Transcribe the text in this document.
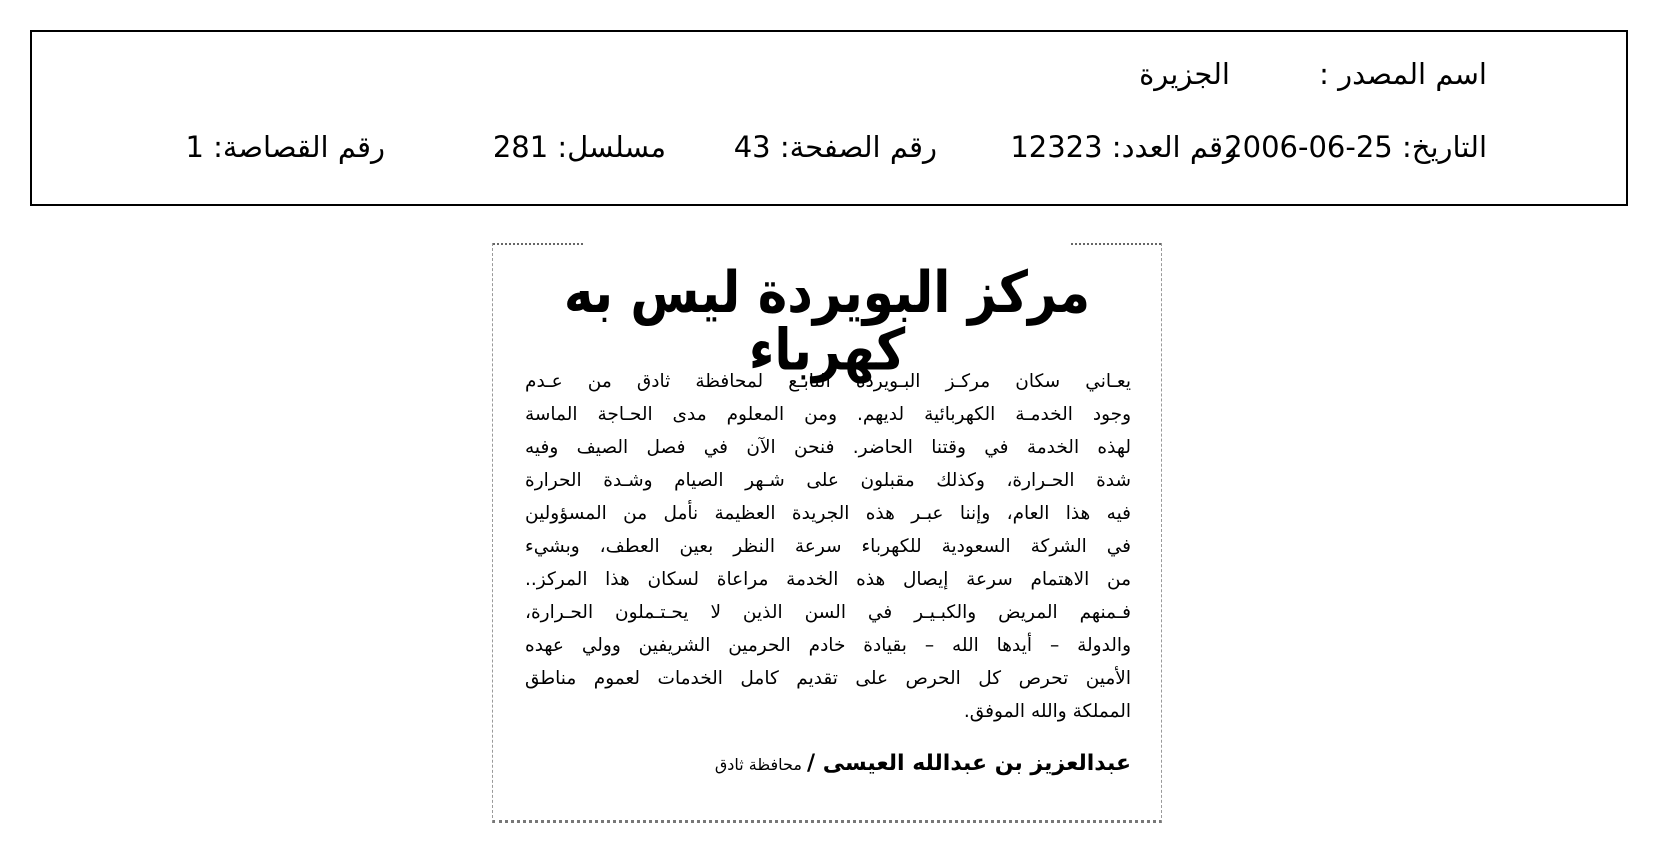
اسم المصدر :
الجزيرة
التاريخ: 25-06-2006
رقم العدد: 12323
رقم الصفحة: 43
مسلسل: 281
رقم القصاصة: 1
مركز البويردة ليس به كهرباء
يعـاني سكان مركـز البـويردة التابـع لمحافظة ثادق من عـدم
وجود الخدمـة الكهربائية لديهم. ومن المعلوم مدى الحـاجة الماسة
لهذه الخدمة في وقتنا الحاضر. فنحن الآن في فصل الصيف وفيه
شدة الحـرارة، وكذلك مقبلون على شـهر الصيام وشـدة الحرارة
فيه هذا العام، وإننا عبـر هذه الجريدة العظيمة نأمل من المسؤولين
في الشركة السعودية للكهرباء سرعة النظر بعين العطف، وبشيء
من الاهتمام سرعة إيصال هذه الخدمة مراعاة لسكان هذا المركز..
فـمنهم المريض والكبـيـر في السن الذين لا يحـتـملون الحـرارة،
والدولة – أيدها الله – بقيادة خادم الحرمين الشريفين وولي عهده
الأمين تحرص كل الحرص على تقديم كامل الخدمات لعموم مناطق
المملكة والله الموفق.
عبدالعزيز بن عبدالله العيسى / محافظة ثادق
